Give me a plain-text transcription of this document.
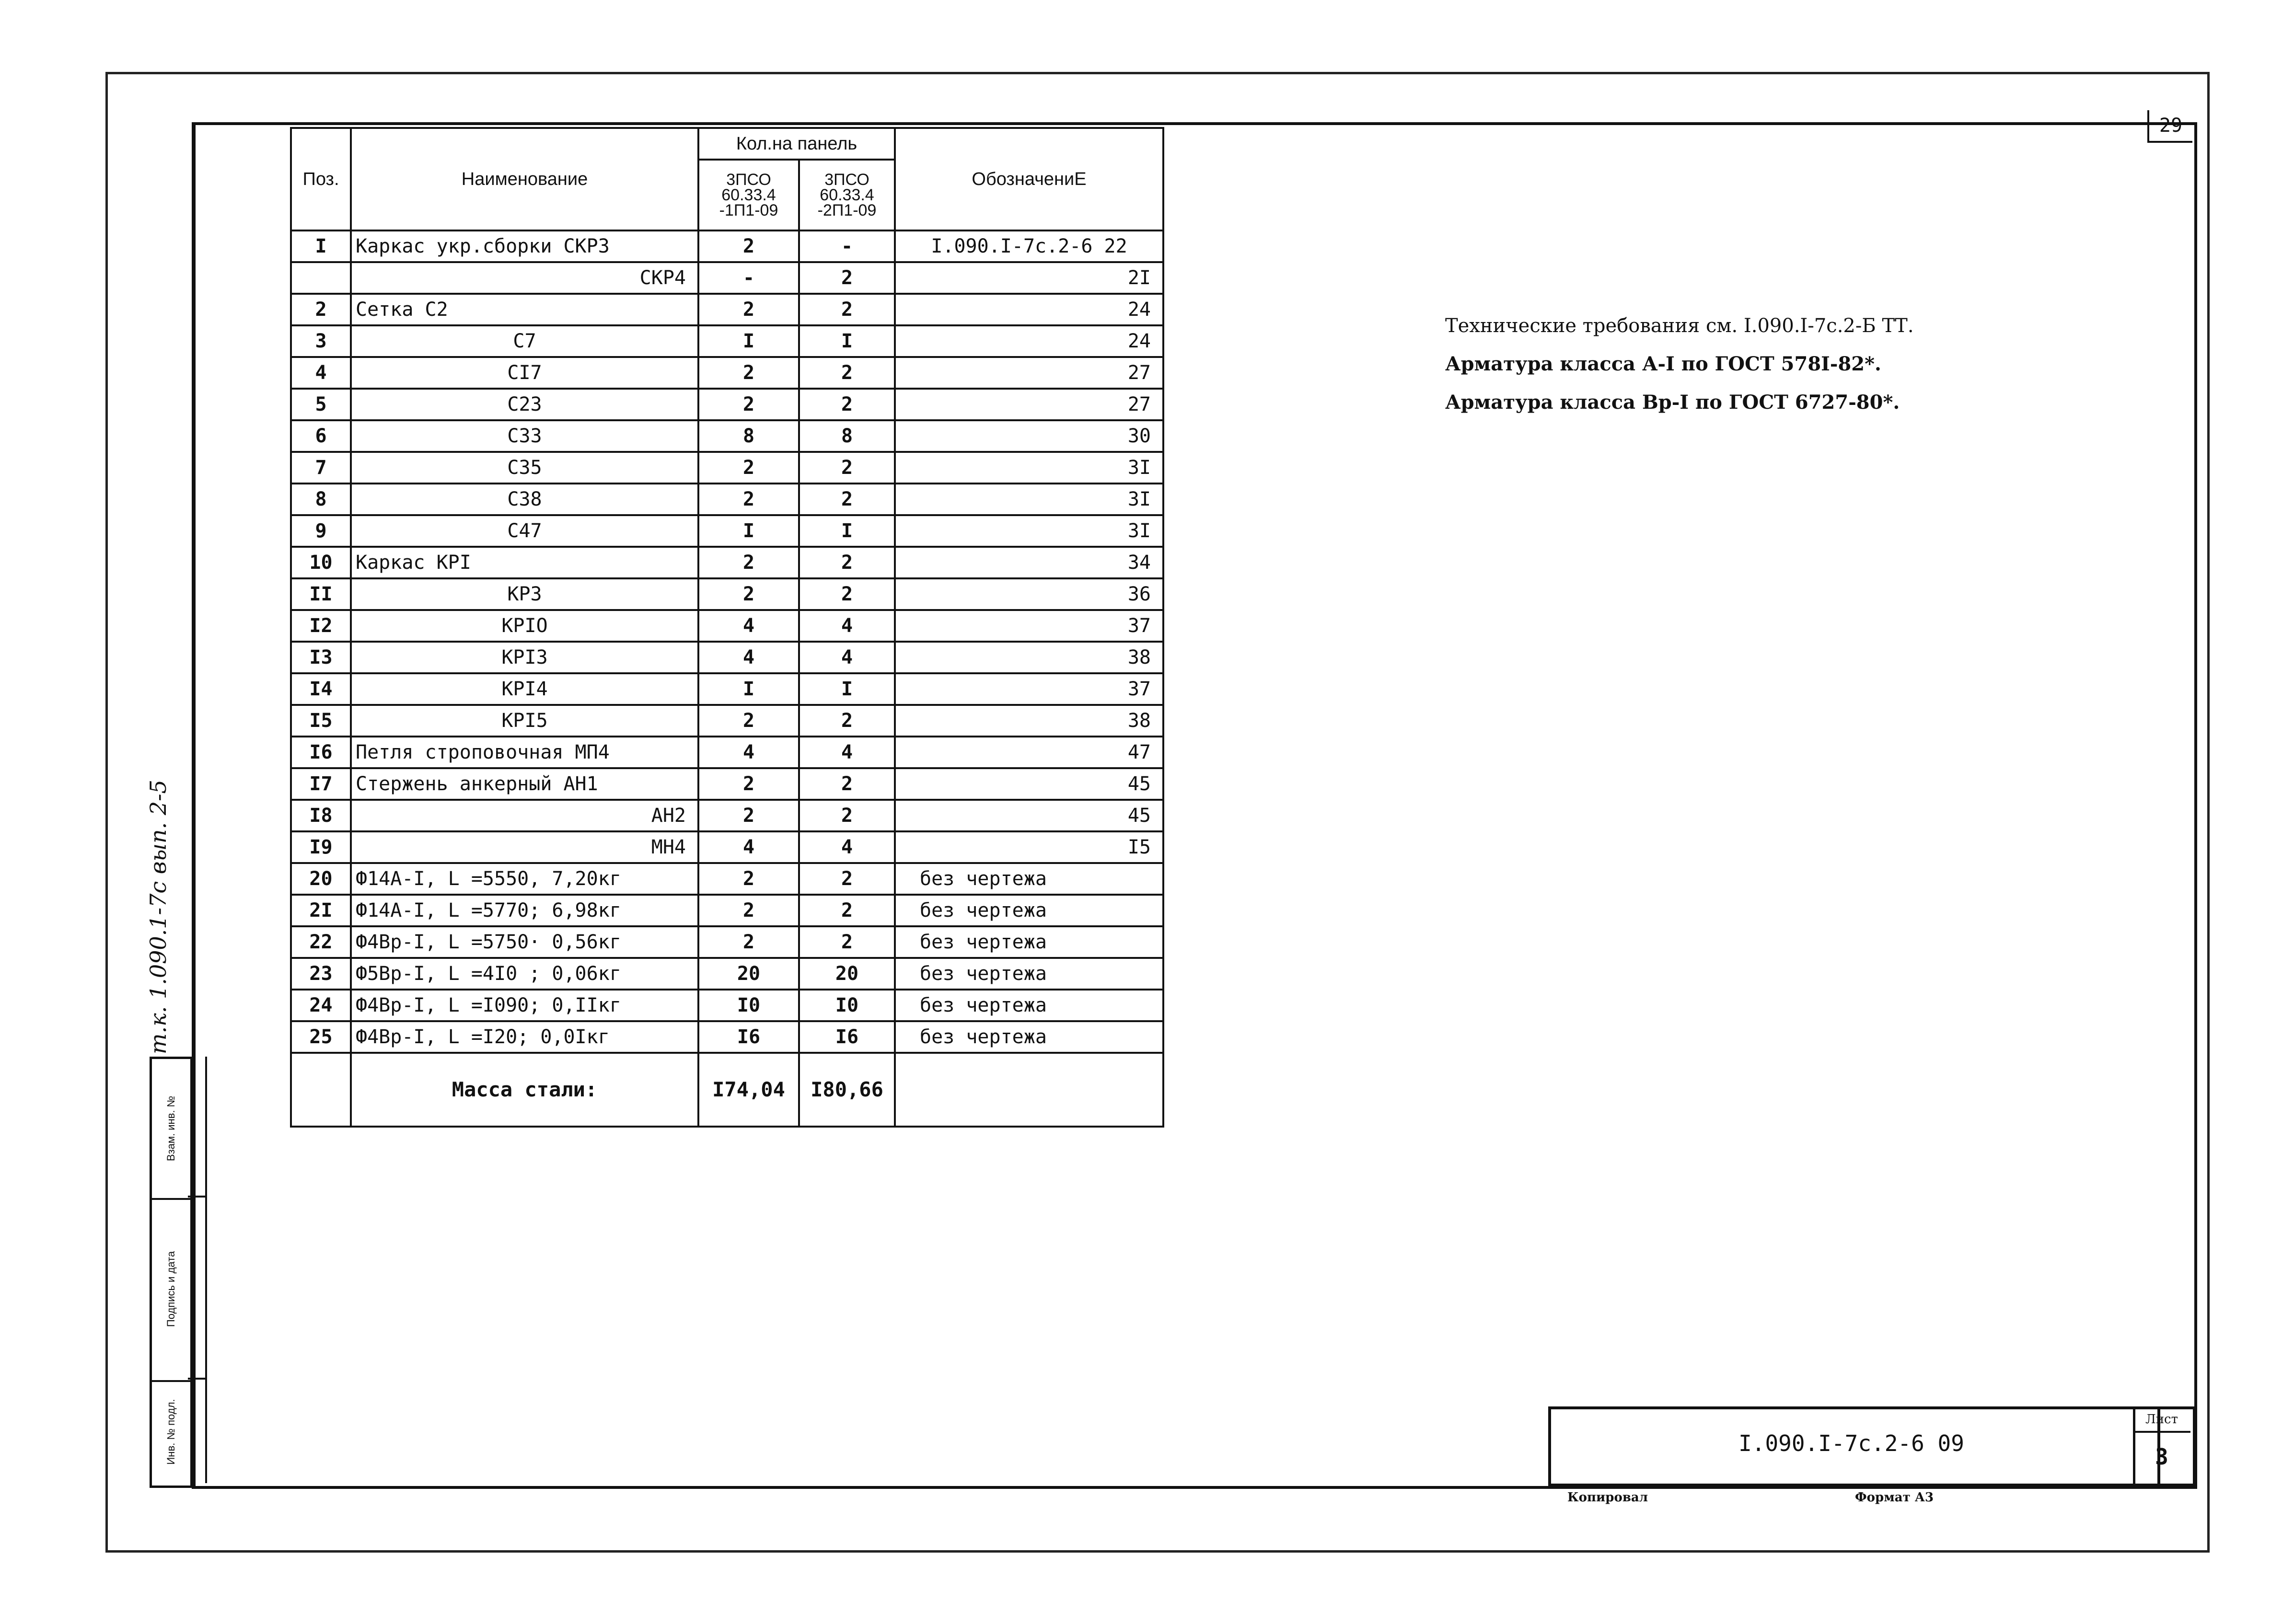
29
т.к. 1.090.1-7с вып. 2-5
Взам. инв. №
Подпись и дата
Инв. № подл.
Поз.	Наименование	Кол.на панель		ОбозначениЕ
		3ПСО 60.33.4 -1П1-09	3ПСО 60.33.4 -2П1-09	
I	Каркас укр.сборки СКР3	2	-	I.090.I-7с.2-6 22
	СКР4	-	2	2I
2	Сетка С2	2	2	24
3	С7	I	I	24
4	СI7	2	2	27
5	С23	2	2	27
6	С33	8	8	30
7	С35	2	2	3I
8	С38	2	2	3I
9	С47	I	I	3I
10	Каркас КРI	2	2	34
II	КР3	2	2	36
I2	КРIО	4	4	37
I3	КРI3	4	4	38
I4	КРI4	I	I	37
I5	КРI5	2	2	38
I6	Петля строповочная МП4	4	4	47
I7	Стержень анкерный АН1	2	2	45
I8	АН2	2	2	45
I9	МН4	4	4	I5
20	Ф14А-I, L =5550, 7,20кг	2	2	без чертежа
2I	Ф14А-I, L =5770; 6,98кг	2	2	без чертежа
22	Ф4Вр-I, L =5750· 0,56кг	2	2	без чертежа
23	Ф5Вр-I, L =4I0 ; 0,06кг	20	20	без чертежа
24	Ф4Вр-I, L =I090; 0,IIкг	I0	I0	без чертежа
25	Ф4Вр-I, L =I20; 0,0Iкг	I6	I6	без чертежа
	Масса стали:	I74,04	I80,66	
Технические требования см. I.090.I-7с.2-Б ТТ.
Арматура класса А-I по ГОСТ 578I-82*.
Арматура класса Вр-I по ГОСТ 6727-80*.
I.090.I-7с.2-6 09
Лист
3
Копировал	Формат А3
